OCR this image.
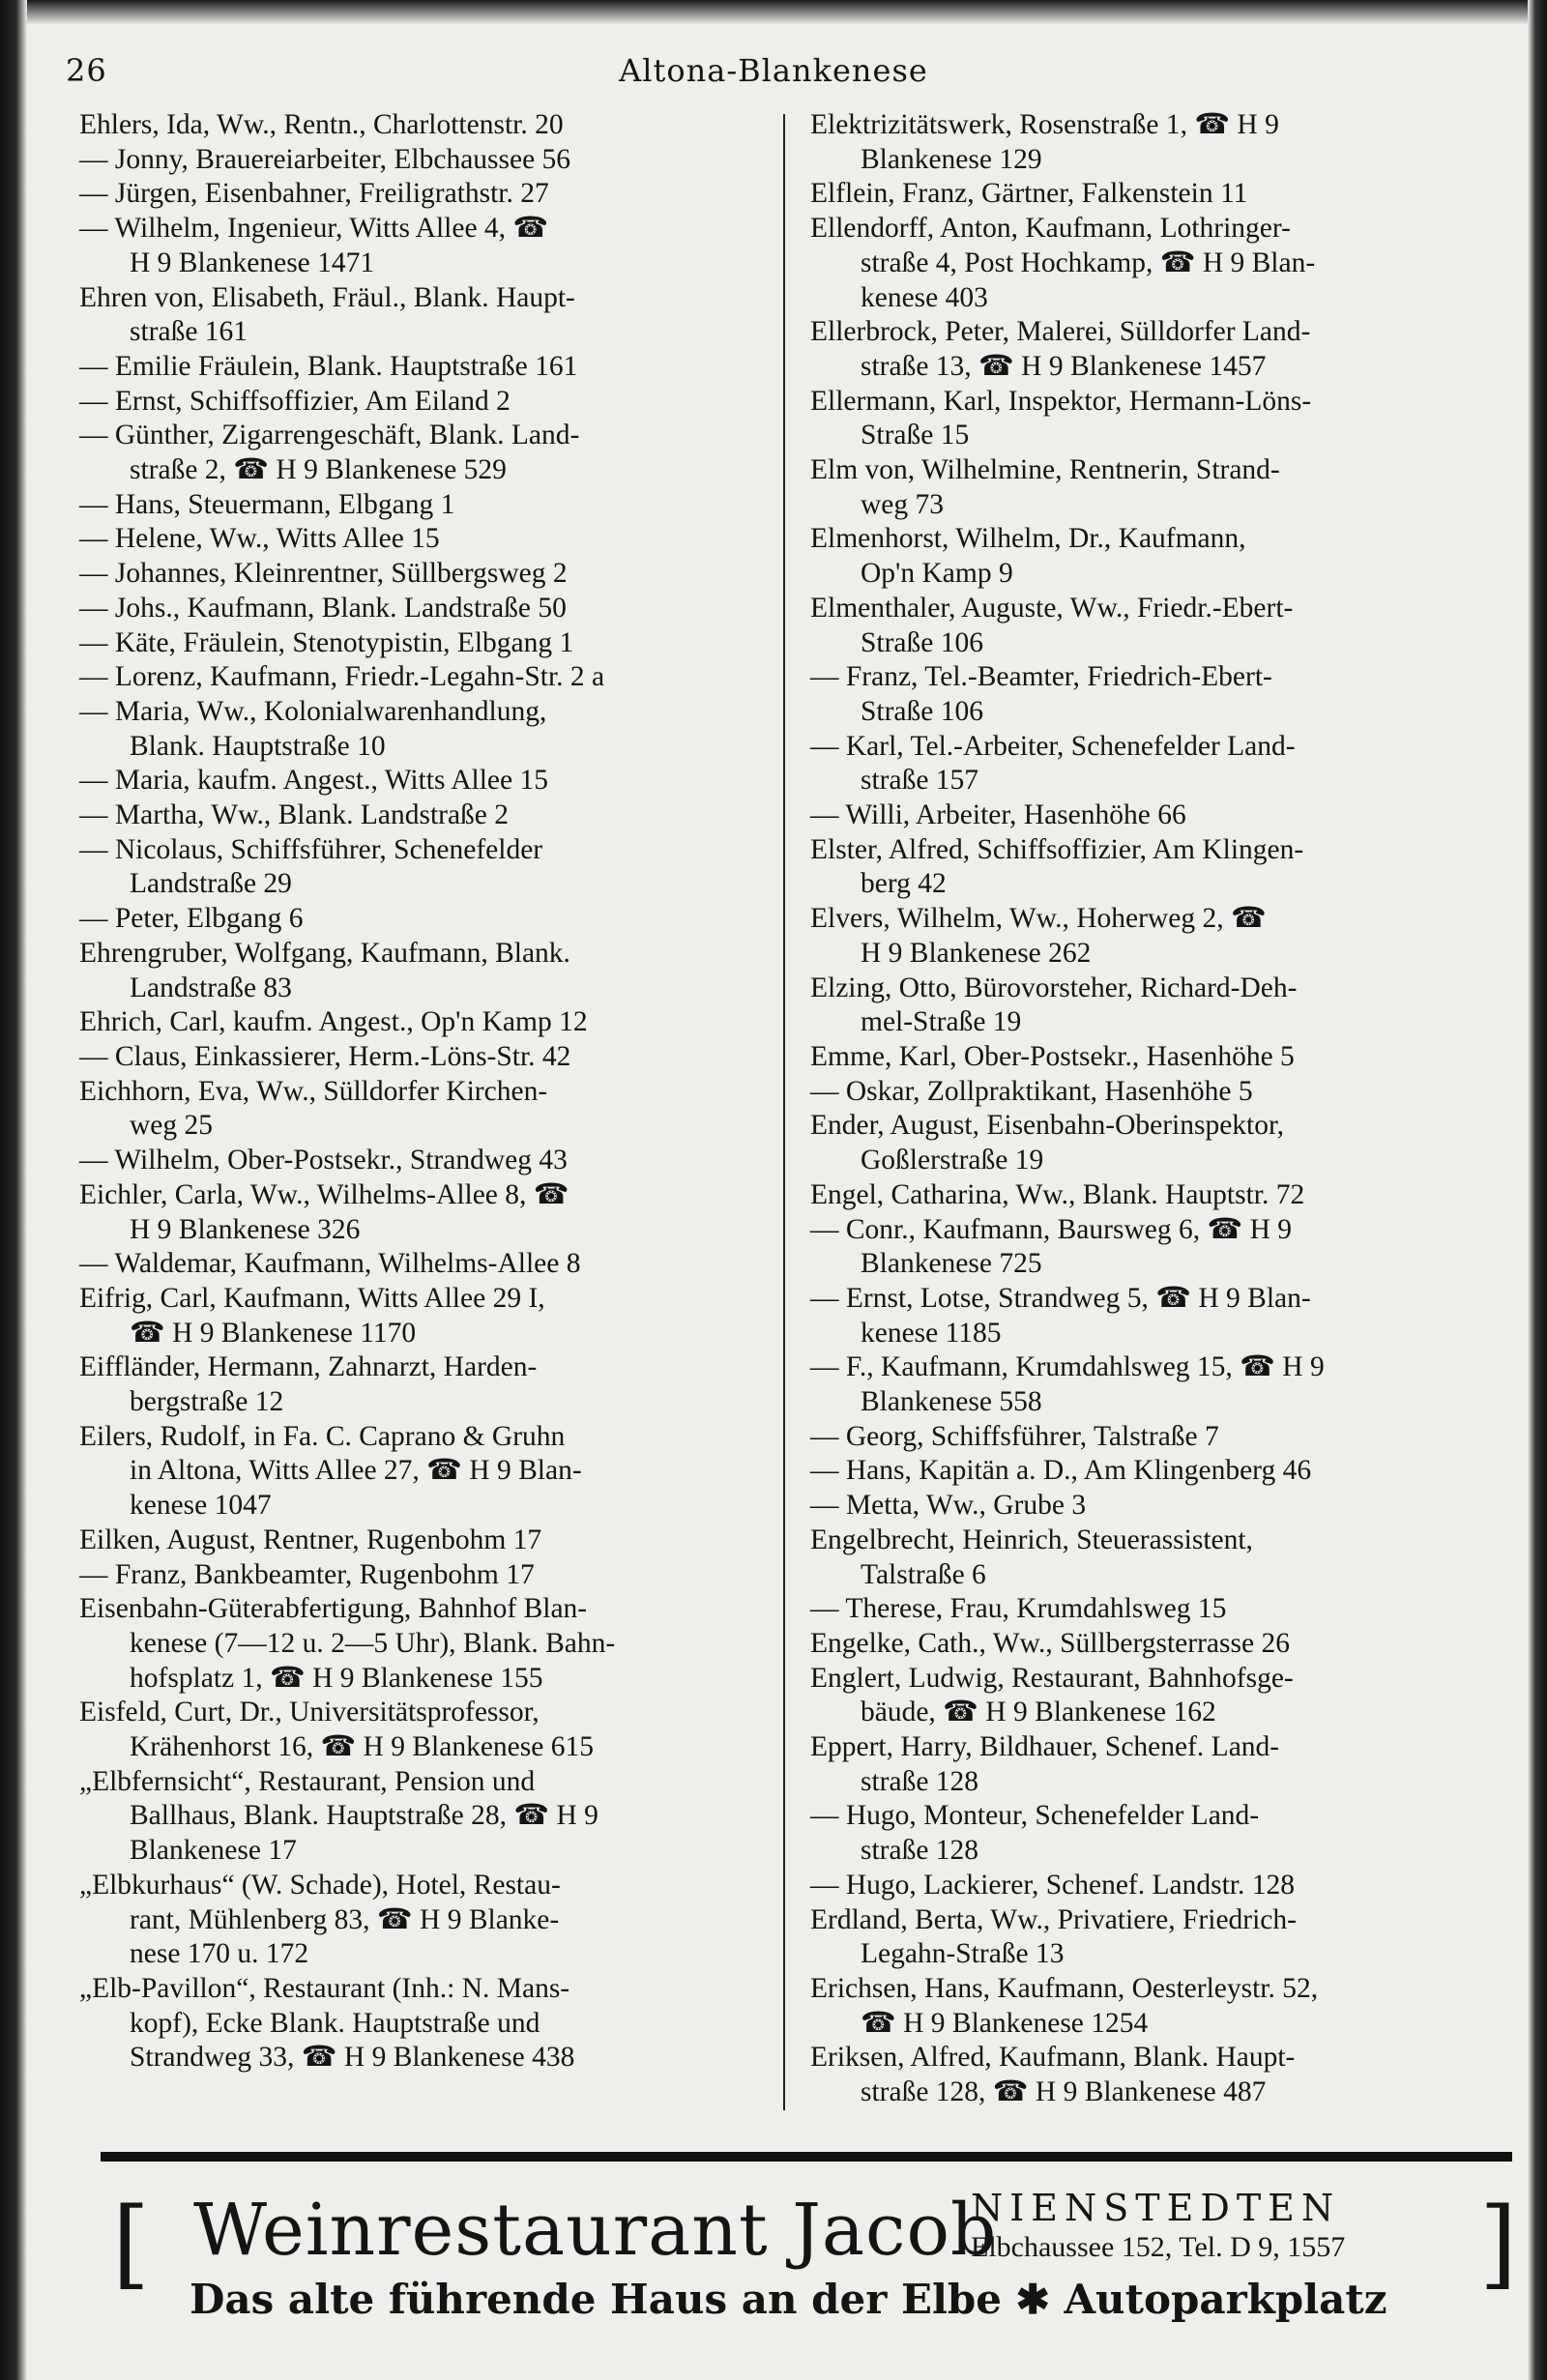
26	Altona-Blankenese
Ehlers, Ida, Ww., Rentn., Charlottenstr. 20
— Jonny, Brauereiarbeiter, Elbchaussee 56
— Jürgen, Eisenbahner, Freiligrathstr. 27
— Wilhelm, Ingenieur, Witts Allee 4, ☎
H 9 Blankenese 1471
Ehren von, Elisabeth, Fräul., Blank. Haupt-
straße 161
— Emilie Fräulein, Blank. Hauptstraße 161
— Ernst, Schiffsoffizier, Am Eiland 2
— Günther, Zigarrengeschäft, Blank. Land-
straße 2, ☎ H 9 Blankenese 529
— Hans, Steuermann, Elbgang 1
— Helene, Ww., Witts Allee 15
— Johannes, Kleinrentner, Süllbergsweg 2
— Johs., Kaufmann, Blank. Landstraße 50
— Käte, Fräulein, Stenotypistin, Elbgang 1
— Lorenz, Kaufmann, Friedr.-Legahn-Str. 2 a
— Maria, Ww., Kolonialwarenhandlung,
Blank. Hauptstraße 10
— Maria, kaufm. Angest., Witts Allee 15
— Martha, Ww., Blank. Landstraße 2
— Nicolaus, Schiffsführer, Schenefelder
Landstraße 29
— Peter, Elbgang 6
Ehrengruber, Wolfgang, Kaufmann, Blank.
Landstraße 83
Ehrich, Carl, kaufm. Angest., Op'n Kamp 12
— Claus, Einkassierer, Herm.-Löns-Str. 42
Eichhorn, Eva, Ww., Sülldorfer Kirchen-
weg 25
— Wilhelm, Ober-Postsekr., Strandweg 43
Eichler, Carla, Ww., Wilhelms-Allee 8, ☎
H 9 Blankenese 326
— Waldemar, Kaufmann, Wilhelms-Allee 8
Eifrig, Carl, Kaufmann, Witts Allee 29 I,
☎ H 9 Blankenese 1170
Eiffländer, Hermann, Zahnarzt, Harden-
bergstraße 12
Eilers, Rudolf, in Fa. C. Caprano & Gruhn
in Altona, Witts Allee 27, ☎ H 9 Blan-
kenese 1047
Eilken, August, Rentner, Rugenbohm 17
— Franz, Bankbeamter, Rugenbohm 17
Eisenbahn-Güterabfertigung, Bahnhof Blan-
kenese (7—12 u. 2—5 Uhr), Blank. Bahn-
hofsplatz 1, ☎ H 9 Blankenese 155
Eisfeld, Curt, Dr., Universitätsprofessor,
Krähenhorst 16, ☎ H 9 Blankenese 615
„Elbfernsicht“, Restaurant, Pension und
Ballhaus, Blank. Hauptstraße 28, ☎ H 9
Blankenese 17
„Elbkurhaus“ (W. Schade), Hotel, Restau-
rant, Mühlenberg 83, ☎ H 9 Blanke-
nese 170 u. 172
„Elb-Pavillon“, Restaurant (Inh.: N. Mans-
kopf), Ecke Blank. Hauptstraße und
Strandweg 33, ☎ H 9 Blankenese 438
Elektrizitätswerk, Rosenstraße 1, ☎ H 9
Blankenese 129
Elflein, Franz, Gärtner, Falkenstein 11
Ellendorff, Anton, Kaufmann, Lothringer-
straße 4, Post Hochkamp, ☎ H 9 Blan-
kenese 403
Ellerbrock, Peter, Malerei, Sülldorfer Land-
straße 13, ☎ H 9 Blankenese 1457
Ellermann, Karl, Inspektor, Hermann-Löns-
Straße 15
Elm von, Wilhelmine, Rentnerin, Strand-
weg 73
Elmenhorst, Wilhelm, Dr., Kaufmann,
Op'n Kamp 9
Elmenthaler, Auguste, Ww., Friedr.-Ebert-
Straße 106
— Franz, Tel.-Beamter, Friedrich-Ebert-
Straße 106
— Karl, Tel.-Arbeiter, Schenefelder Land-
straße 157
— Willi, Arbeiter, Hasenhöhe 66
Elster, Alfred, Schiffsoffizier, Am Klingen-
berg 42
Elvers, Wilhelm, Ww., Hoherweg 2, ☎
H 9 Blankenese 262
Elzing, Otto, Bürovorsteher, Richard-Deh-
mel-Straße 19
Emme, Karl, Ober-Postsekr., Hasenhöhe 5
— Oskar, Zollpraktikant, Hasenhöhe 5
Ender, August, Eisenbahn-Oberinspektor,
Goßlerstraße 19
Engel, Catharina, Ww., Blank. Hauptstr. 72
— Conr., Kaufmann, Baursweg 6, ☎ H 9
Blankenese 725
— Ernst, Lotse, Strandweg 5, ☎ H 9 Blan-
kenese 1185
— F., Kaufmann, Krumdahlsweg 15, ☎ H 9
Blankenese 558
— Georg, Schiffsführer, Talstraße 7
— Hans, Kapitän a. D., Am Klingenberg 46
— Metta, Ww., Grube 3
Engelbrecht, Heinrich, Steuerassistent,
Talstraße 6
— Therese, Frau, Krumdahlsweg 15
Engelke, Cath., Ww., Süllbergsterrasse 26
Englert, Ludwig, Restaurant, Bahnhofsge-
bäude, ☎ H 9 Blankenese 162
Eppert, Harry, Bildhauer, Schenef. Land-
straße 128
— Hugo, Monteur, Schenefelder Land-
straße 128
— Hugo, Lackierer, Schenef. Landstr. 128
Erdland, Berta, Ww., Privatiere, Friedrich-
Legahn-Straße 13
Erichsen, Hans, Kaufmann, Oesterleystr. 52,
☎ H 9 Blankenese 1254
Eriksen, Alfred, Kaufmann, Blank. Haupt-
straße 128, ☎ H 9 Blankenese 487
[ Weinrestaurant Jacob
NIENSTEDTEN
Elbchaussee 152, Tel. D 9, 1557 ]
Das alte führende Haus an der Elbe ✱ Autoparkplatz
